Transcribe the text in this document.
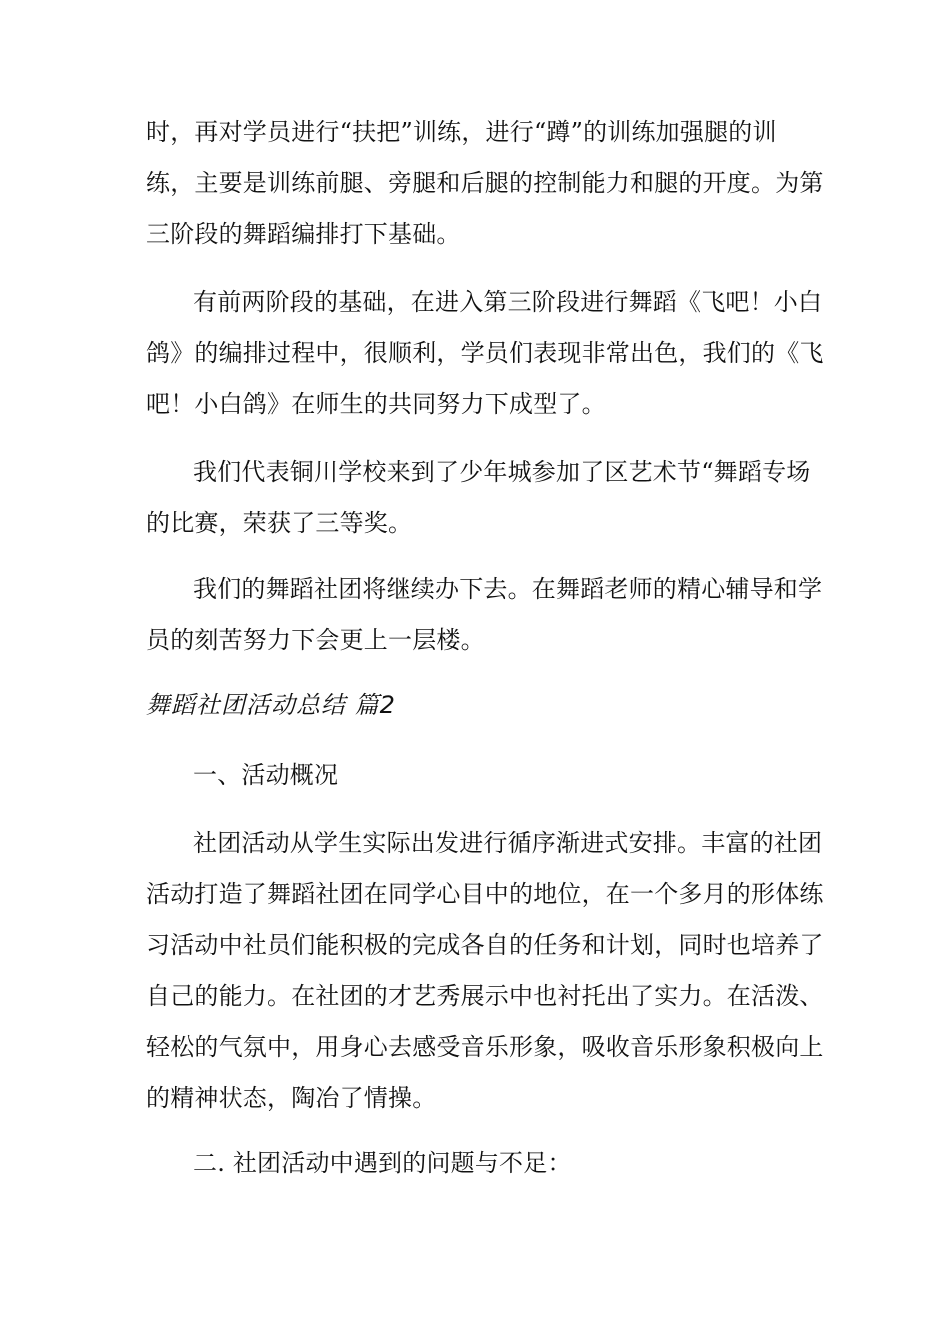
时，再对学员进行“扶把”训练，进行“蹲”的训练加强腿的训
练，主要是训练前腿、旁腿和后腿的控制能力和腿的开度。为第
三阶段的舞蹈编排打下基础。
有前两阶段的基础，在进入第三阶段进行舞蹈《飞吧！小白
鸽》的编排过程中，很顺利，学员们表现非常出色，我们的《飞
吧！小白鸽》在师生的共同努力下成型了。
我们代表铜川学校来到了少年城参加了区艺术节“舞蹈专场
的比赛，荣获了三等奖。
我们的舞蹈社团将继续办下去。在舞蹈老师的精心辅导和学
员的刻苦努力下会更上一层楼。
舞蹈社团活动总结 篇2
一、活动概况
社团活动从学生实际出发进行循序渐进式安排。丰富的社团
活动打造了舞蹈社团在同学心目中的地位，在一个多月的形体练
习活动中社员们能积极的完成各自的任务和计划，同时也培养了
自己的能力。在社团的才艺秀展示中也衬托出了实力。在活泼、
轻松的气氛中，用身心去感受音乐形象，吸收音乐形象积极向上
的精神状态，陶冶了情操。
二. 社团活动中遇到的问题与不足：
